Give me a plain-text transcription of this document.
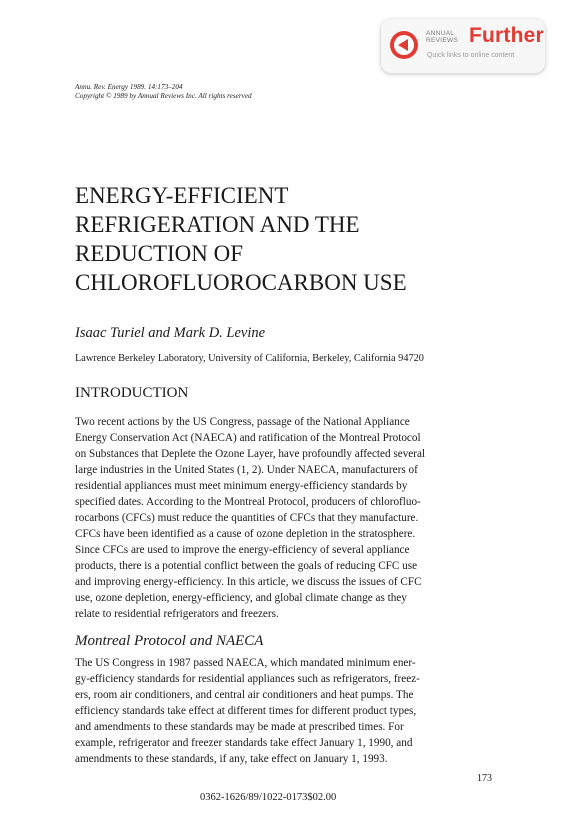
ANNUAL
REVIEWS Further
Quick links to online content
Annu. Rev. Energy 1989. 14:173–204
Copyright © 1989 by Annual Reviews Inc. All rights reserved
ENERGY-EFFICIENT
REFRIGERATION AND THE
REDUCTION OF
CHLOROFLUOROCARBON USE
Isaac Turiel and Mark D. Levine
Lawrence Berkeley Laboratory, University of California, Berkeley, California 94720
INTRODUCTION
Two recent actions by the US Congress, passage of the National Appliance
Energy Conservation Act (NAECA) and ratification of the Montreal Protocol
on Substances that Deplete the Ozone Layer, have profoundly affected several
large industries in the United States (1, 2). Under NAECA, manufacturers of
residential appliances must meet minimum energy-efficiency standards by
specified dates. According to the Montreal Protocol, producers of chlorofluo-
rocarbons (CFCs) must reduce the quantities of CFCs that they manufacture.
CFCs have been identified as a cause of ozone depletion in the stratosphere.
Since CFCs are used to improve the energy-efficiency of several appliance
products, there is a potential conflict between the goals of reducing CFC use
and improving energy-efficiency. In this article, we discuss the issues of CFC
use, ozone depletion, energy-efficiency, and global climate change as they
relate to residential refrigerators and freezers.
Montreal Protocol and NAECA
The US Congress in 1987 passed NAECA, which mandated minimum ener-
gy-efficiency standards for residential appliances such as refrigerators, freez-
ers, room air conditioners, and central air conditioners and heat pumps. The
efficiency standards take effect at different times for different product types,
and amendments to these standards may be made at prescribed times. For
example, refrigerator and freezer standards take effect January 1, 1990, and
amendments to these standards, if any, take effect on January 1, 1993.
173
0362-1626/89/1022-0173$02.00
